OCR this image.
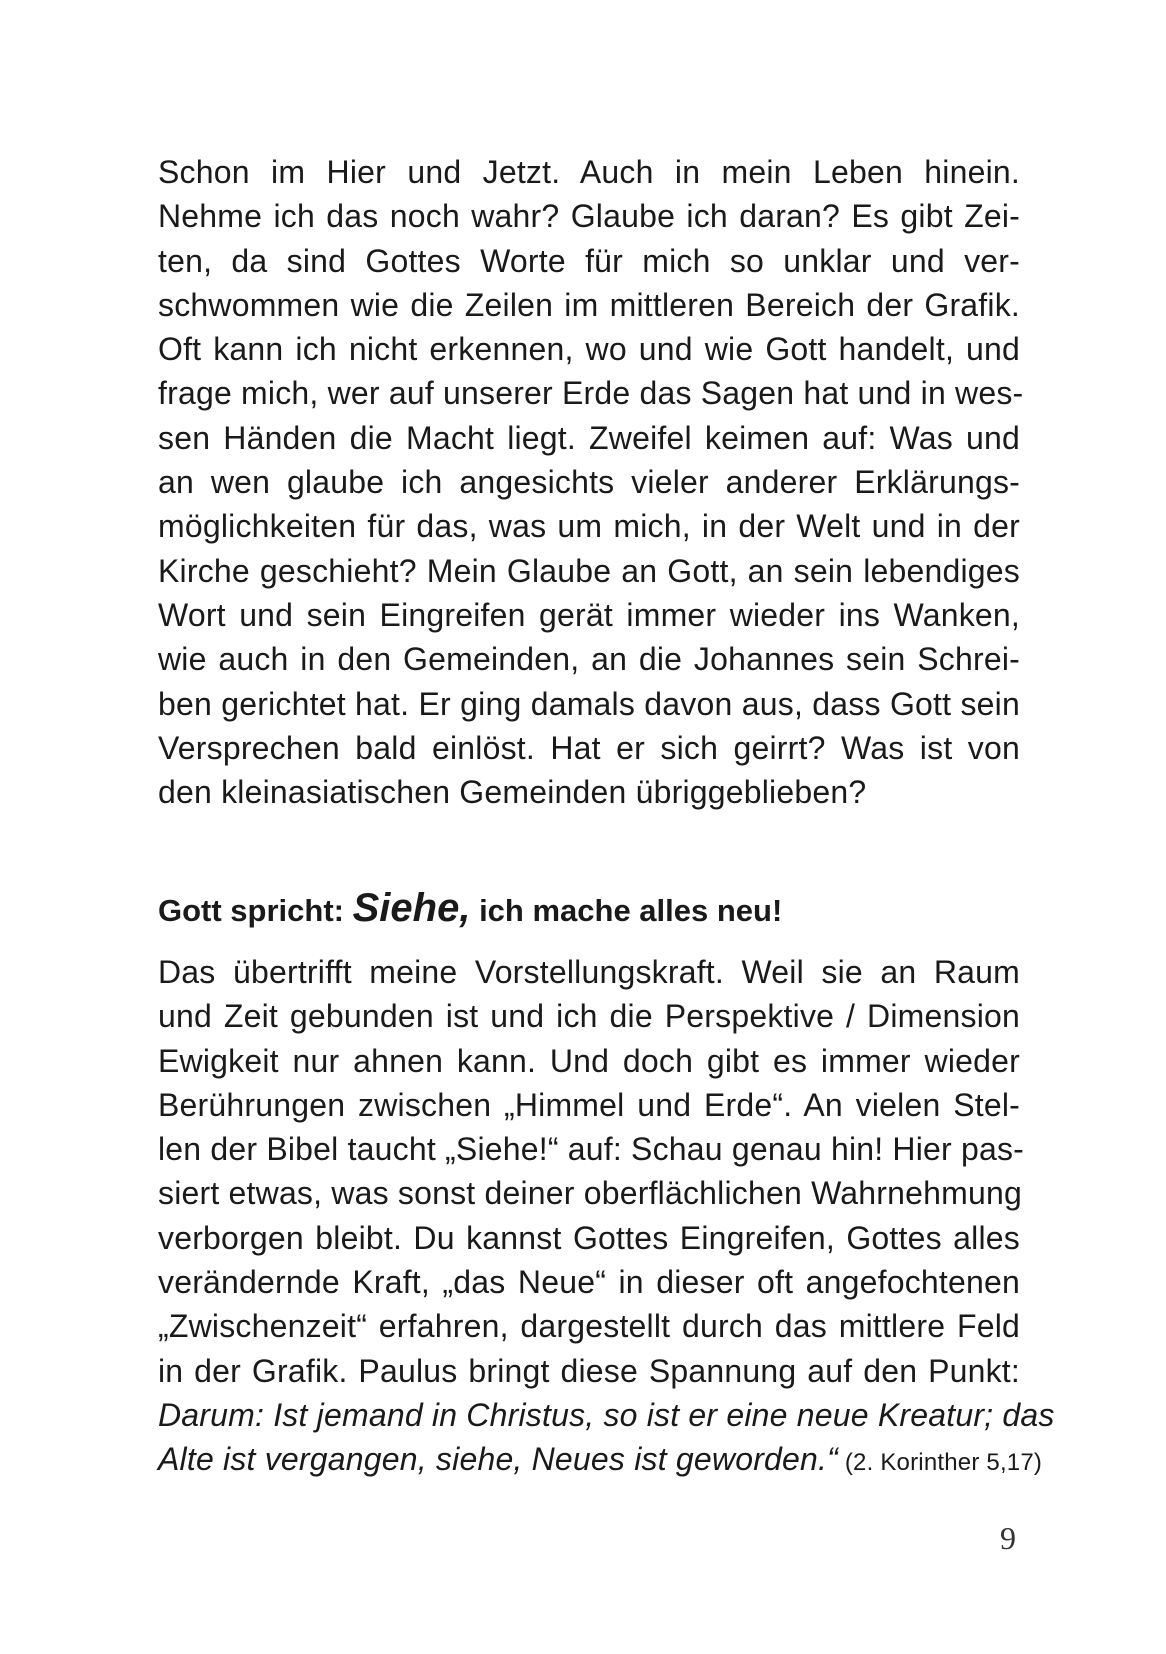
Schon im Hier und Jetzt. Auch in mein Leben hinein.
Nehme ich das noch wahr? Glaube ich daran? Es gibt Zei-
ten, da sind Gottes Worte für mich so unklar und ver-
schwommen wie die Zeilen im mittleren Bereich der Grafik.
Oft kann ich nicht erkennen, wo und wie Gott handelt, und
frage mich, wer auf unserer Erde das Sagen hat und in wes-
sen Händen die Macht liegt. Zweifel keimen auf: Was und
an wen glaube ich angesichts vieler anderer Erklärungs-
möglichkeiten für das, was um mich, in der Welt und in der
Kirche geschieht? Mein Glaube an Gott, an sein lebendiges
Wort und sein Eingreifen gerät immer wieder ins Wanken,
wie auch in den Gemeinden, an die Johannes sein Schrei-
ben gerichtet hat. Er ging damals davon aus, dass Gott sein
Versprechen bald einlöst. Hat er sich geirrt? Was ist von
den kleinasiatischen Gemeinden übriggeblieben?
Gott spricht: Siehe, ich mache alles neu!
Das übertrifft meine Vorstellungskraft. Weil sie an Raum
und Zeit gebunden ist und ich die Perspektive / Dimension
Ewigkeit nur ahnen kann. Und doch gibt es immer wieder
Berührungen zwischen „Himmel und Erde“. An vielen Stel-
len der Bibel taucht „Siehe!“ auf: Schau genau hin! Hier pas-
siert etwas, was sonst deiner oberflächlichen Wahrnehmung
verborgen bleibt. Du kannst Gottes Eingreifen, Gottes alles
verändernde Kraft, „das Neue“ in dieser oft angefochtenen
„Zwischenzeit“ erfahren, dargestellt durch das mittlere Feld
in der Grafik. Paulus bringt diese Spannung auf den Punkt:
Darum: Ist jemand in Christus, so ist er eine neue Kreatur; das
Alte ist vergangen, siehe, Neues ist geworden.“ (2. Korinther 5,17)
9
